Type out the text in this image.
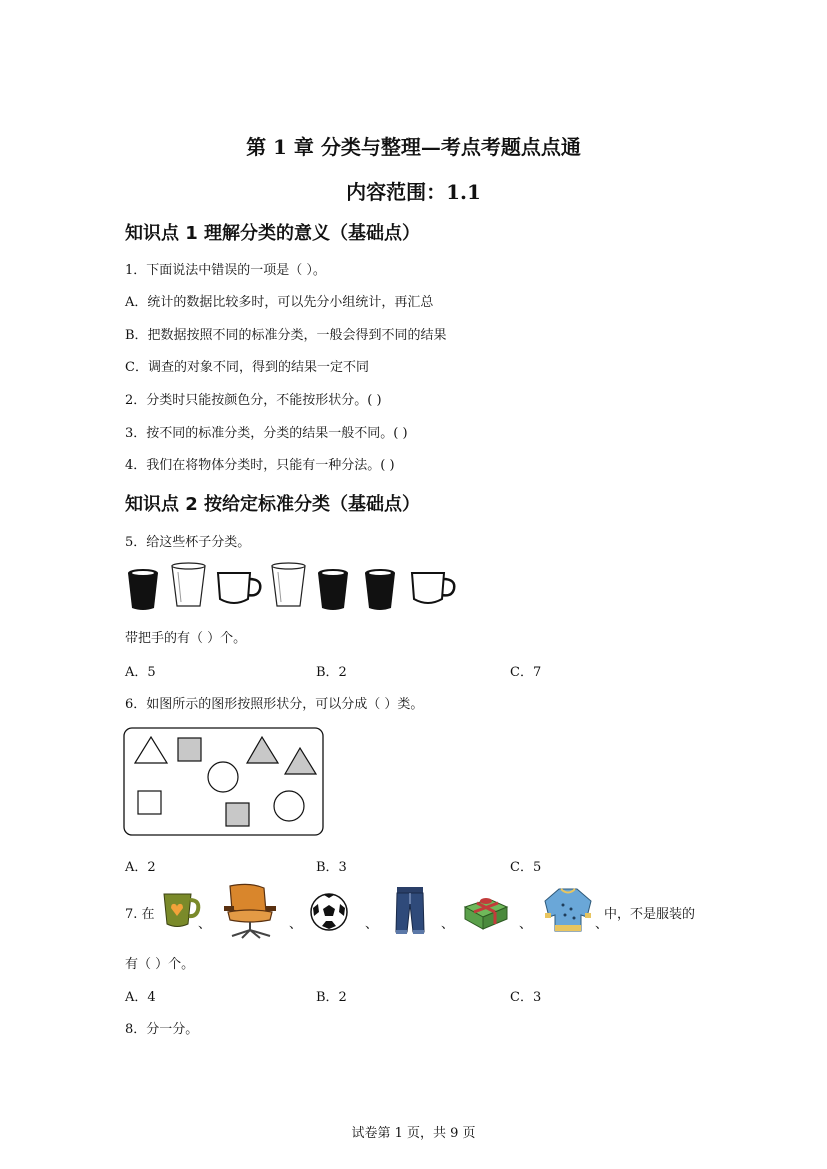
第 1 章 分类与整理—考点考题点点通
内容范围：1.1
知识点 1 理解分类的意义（基础点）
1．下面说法中错误的一项是（ ）。
A．统计的数据比较多时，可以先分小组统计，再汇总
B．把数据按照不同的标准分类，一般会得到不同的结果
C．调查的对象不同，得到的结果一定不同
2．分类时只能按颜色分，不能按形状分。( )
3．按不同的标准分类，分类的结果一般不同。( )
4．我们在将物体分类时，只能有一种分法。( )
知识点 2 按给定标准分类（基础点）
5．给这些杯子分类。
带把手的有（ ）个。
A．5	B．2	C．7
6．如图所示的图形按照形状分，可以分成（ ）类。
A．2	B．3	C．5
7. 在
、	、	、	、	、	、
中，不是服装的
有（ ）个。
A．4	B．2	C．3
8．分一分。
试卷第 1 页，共 9 页
